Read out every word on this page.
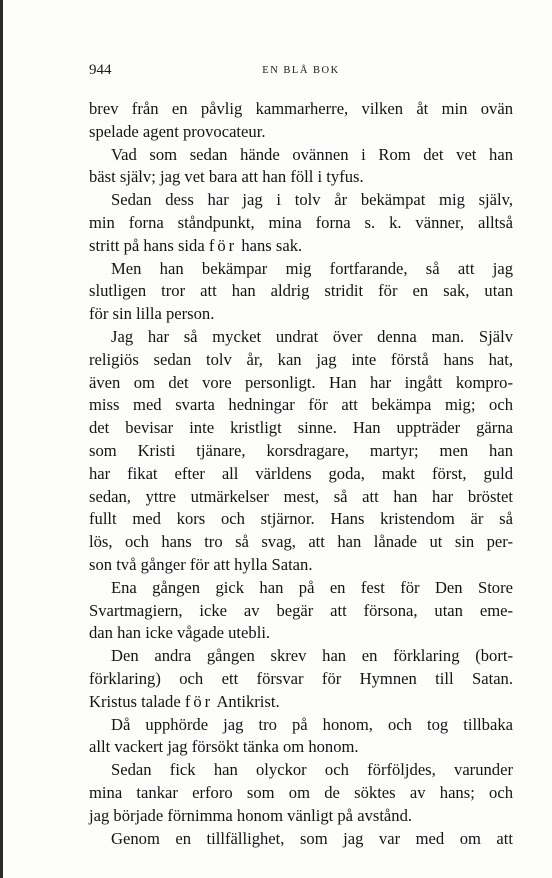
944	EN BLÅ BOK
brev från en påvlig kammarherre, vilken åt min ovän
spelade agent provocateur.
Vad som sedan hände ovännen i Rom det vet han
bäst själv; jag vet bara att han föll i tyfus.
Sedan dess har jag i tolv år bekämpat mig själv,
min forna ståndpunkt, mina forna s. k. vänner, alltså
stritt på hans sida för hans sak.
Men han bekämpar mig fortfarande, så att jag
slutligen tror att han aldrig stridit för en sak, utan
för sin lilla person.
Jag har så mycket undrat över denna man. Själv
religiös sedan tolv år, kan jag inte förstå hans hat,
även om det vore personligt. Han har ingått kompro-
miss med svarta hedningar för att bekämpa mig; och
det bevisar inte kristligt sinne. Han uppträder gärna
som Kristi tjänare, korsdragare, martyr; men han
har fikat efter all världens goda, makt först, guld
sedan, yttre utmärkelser mest, så att han har bröstet
fullt med kors och stjärnor. Hans kristendom är så
lös, och hans tro så svag, att han lånade ut sin per-
son två gånger för att hylla Satan.
Ena gången gick han på en fest för Den Store
Svartmagiern, icke av begär att försona, utan eme-
dan han icke vågade utebli.
Den andra gången skrev han en förklaring (bort-
förklaring) och ett försvar för Hymnen till Satan.
Kristus talade för Antikrist.
Då upphörde jag tro på honom, och tog tillbaka
allt vackert jag försökt tänka om honom.
Sedan fick han olyckor och förföljdes, varunder
mina tankar erforo som om de söktes av hans; och
jag började förnimma honom vänligt på avstånd.
Genom en tillfällighet, som jag var med om att
